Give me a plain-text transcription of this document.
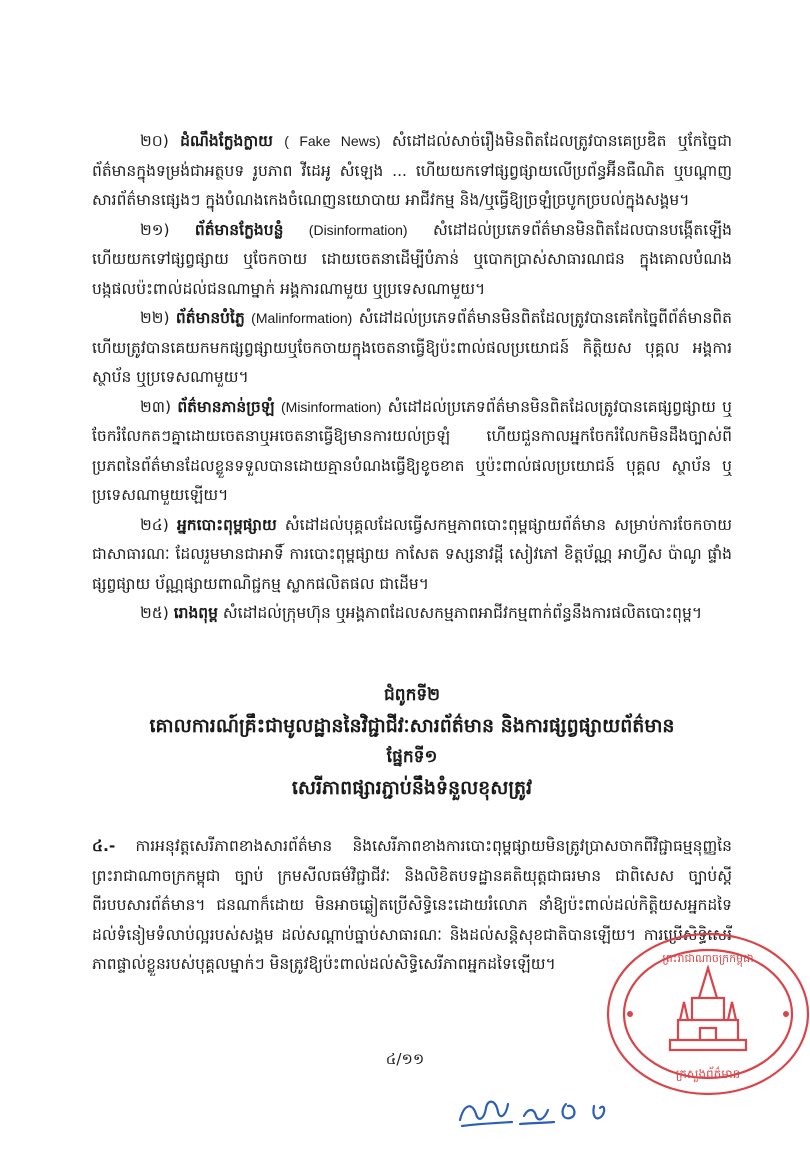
២០) ដំណឹងក្លែងក្លាយ ( Fake News) សំដៅដល់សាច់រឿងមិនពិតដែលត្រូវបានគេប្រឌិត ឬកែច្នៃជាព័ត៌មានក្នុងទម្រង់ជាអត្ថបទ រូបភាព វីដេអូ សំឡេង ... ហើយយកទៅផ្សព្វផ្សាយលើប្រព័ន្ធអ៊ីនធឺណិត ឬបណ្ដាញសារព័ត៌មានផ្សេងៗ ក្នុងបំណងកេងចំណេញនយោបាយ អាជីវកម្ម និង/ឬធ្វើឱ្យច្រឡំច្របូកច្របល់ក្នុងសង្គម។

២១) ព័ត៌មានក្លែងបន្លំ (Disinformation) សំដៅដល់ប្រភេទព័ត៌មានមិនពិតដែលបានបង្កើតឡើង ហើយយកទៅផ្សព្វផ្សាយ ឬចែកចាយ ដោយចេតនាដើម្បីបំភាន់ ឬបោកប្រាស់សាធារណជន ក្នុងគោលបំណងបង្កផលប៉ះពាល់ដល់ជនណាម្នាក់ អង្គការណាមួយ ឬប្រទេសណាមួយ។

២២) ព័ត៌មានបំភ្លៃ (Malinformation) សំដៅដល់ប្រភេទព័ត៌មានមិនពិតដែលត្រូវបានគេកែច្នៃពីព័ត៌មានពិត ហើយត្រូវបានគេយកមកផ្សព្វផ្សាយឬចែកចាយក្នុងចេតនាធ្វើឱ្យប៉ះពាល់ផលប្រយោជន៍ កិត្តិយស បុគ្គល អង្គការ ស្ថាប័ន ឬប្រទេសណាមួយ។

២៣) ព័ត៌មានភាន់ច្រឡំ (Misinformation) សំដៅដល់ប្រភេទព័ត៌មានមិនពិតដែលត្រូវបានគេផ្សព្វផ្សាយ ឬចែករំលែកតៗគ្នាដោយចេតនាឬអចេតនាធ្វើឱ្យមានការយល់ច្រឡំ ហើយជួនកាលអ្នកចែករំលែកមិនដឹងច្បាស់ពីប្រភពនៃព័ត៌មានដែលខ្លួនទទួលបានដោយគ្មានបំណងធ្វើឱ្យខូចខាត ឬប៉ះពាល់ផលប្រយោជន៍ បុគ្គល ស្ថាប័ន ឬប្រទេសណាមួយឡើយ។

២៤) អ្នកបោះពុម្ពផ្សាយ សំដៅដល់បុគ្គលដែលធ្វើសកម្មភាពបោះពុម្ពផ្សាយព័ត៌មាន សម្រាប់ការចែកចាយជាសាធារណៈ ដែលរួមមានជាអាទិ៍ ការបោះពុម្ពផ្សាយ កាសែត ទស្សនាវដ្ដី សៀវភៅ ខិត្តប័ណ្ណ អាហ្វីស ប៉ាណូ ផ្ទាំងផ្សព្វផ្សាយ ប័ណ្ណផ្សាយពាណិជ្ជកម្ម ស្លាកផលិតផល ជាដើម។

២៥) រោងពុម្ព សំដៅដល់ក្រុមហ៊ុន ឬអង្គភាពដែលសកម្មភាពអាជីវកម្មពាក់ព័ន្ធនឹងការផលិតបោះពុម្ព។

ជំពូកទី២

គោលការណ៍គ្រឹះជាមូលដ្ឋាននៃវិជ្ជាជីវៈសារព័ត៌មាន និងការផ្សព្វផ្សាយព័ត៌មាន

ផ្នែកទី១

សេរីភាពផ្សារភ្ជាប់នឹងទំនួលខុសត្រូវ

៤.- ការអនុវត្តសេរីភាពខាងសារព័ត៌មាន និងសេរីភាពខាងការបោះពុម្ពផ្សាយមិនត្រូវប្រាសចាកពីវិជ្ជាធម្មនុញ្ញនៃព្រះរាជាណាចក្រកម្ពុជា ច្បាប់ ក្រមសីលធម៌វិជ្ជាជីវៈ និងលិខិតបទដ្ឋានគតិយុត្តជាធរមាន ជាពិសេស ច្បាប់ស្ដីពីរបបសារព័ត៌មាន។ ជនណាក៏ដោយ មិនអាចឆ្លៀតប្រើសិទ្ធិនេះដោយរំលោភ នាំឱ្យប៉ះពាល់ដល់កិត្តិយសអ្នកដទៃ ដល់ទំនៀមទំលាប់ល្អរបស់សង្គម ដល់សណ្ដាប់ធ្នាប់សាធារណៈ និងដល់សន្ដិសុខជាតិបានឡើយ។ ការប្រើសិទ្ធិសេរីភាពផ្ទាល់ខ្លួនរបស់បុគ្គលម្នាក់ៗ មិនត្រូវឱ្យប៉ះពាល់ដល់សិទ្ធិសេរីភាពអ្នកដទៃឡើយ។	ព្រះរាជាណាចក្រកម្ពុជា
ក្រសួងព័ត៌មាន
៤/១១
